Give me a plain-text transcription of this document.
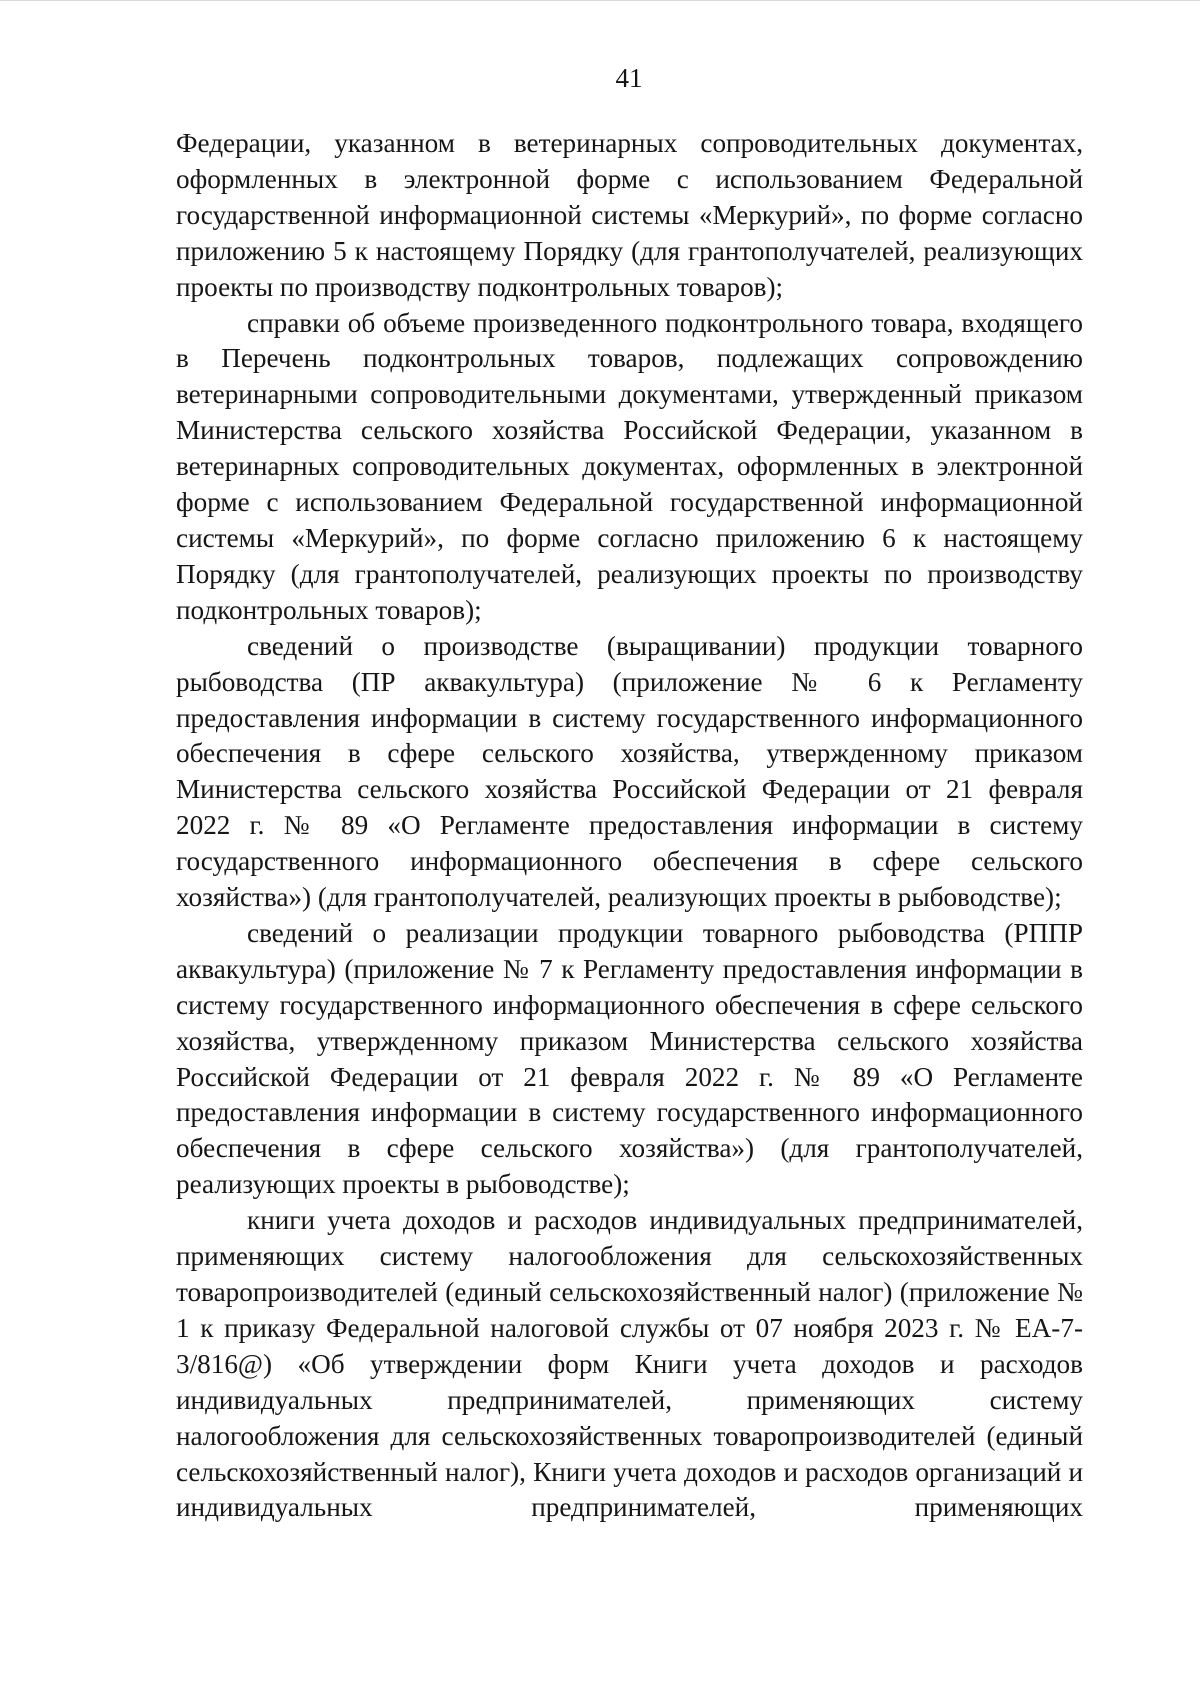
41

Федерации, указанном в ветеринарных сопроводительных документах, оформленных в электронной форме с использованием Федеральной государственной информационной системы «Меркурий», по форме согласно приложению 5 к настоящему Порядку (для грантополучателей, реализующих проекты по производству подконтрольных товаров);

справки об объеме произведенного подконтрольного товара, входящего в Перечень подконтрольных товаров, подлежащих сопровождению ветеринарными сопроводительными документами, утвержденный приказом Министерства сельского хозяйства Российской Федерации, указанном в ветеринарных сопроводительных документах, оформленных в электронной форме с использованием Федеральной государственной информационной системы «Меркурий», по форме согласно приложению 6 к настоящему Порядку (для грантополучателей, реализующих проекты по производству подконтрольных товаров);

сведений о производстве (выращивании) продукции товарного рыбоводства (ПР аквакультура) (приложение № 6 к Регламенту предоставления информации в систему государственного информационного обеспечения в сфере сельского хозяйства, утвержденному приказом Министерства сельского хозяйства Российской Федерации от 21 февраля 2022 г. № 89 «О Регламенте предоставления информации в систему государственного информационного обеспечения в сфере сельского хозяйства») (для грантополучателей, реализующих проекты в рыбоводстве);

сведений о реализации продукции товарного рыбоводства (РППР аквакультура) (приложение № 7 к Регламенту предоставления информации в систему государственного информационного обеспечения в сфере сельского хозяйства, утвержденному приказом Министерства сельского хозяйства Российской Федерации от 21 февраля 2022 г. № 89 «О Регламенте предоставления информации в систему государственного информационного обеспечения в сфере сельского хозяйства») (для грантополучателей, реализующих проекты в рыбоводстве);

книги учета доходов и расходов индивидуальных предпринимателей, применяющих систему налогообложения для сельскохозяйственных товаропроизводителей (единый сельскохозяйственный налог) (приложение № 1 к приказу Федеральной налоговой службы от 07 ноября 2023 г. № ЕА-7-3/816@) «Об утверждении форм Книги учета доходов и расходов индивидуальных предпринимателей, применяющих систему налогообложения для сельскохозяйственных товаропроизводителей (единый сельскохозяйственный налог), Книги учета доходов и расходов организаций и индивидуальных предпринимателей, применяющих
